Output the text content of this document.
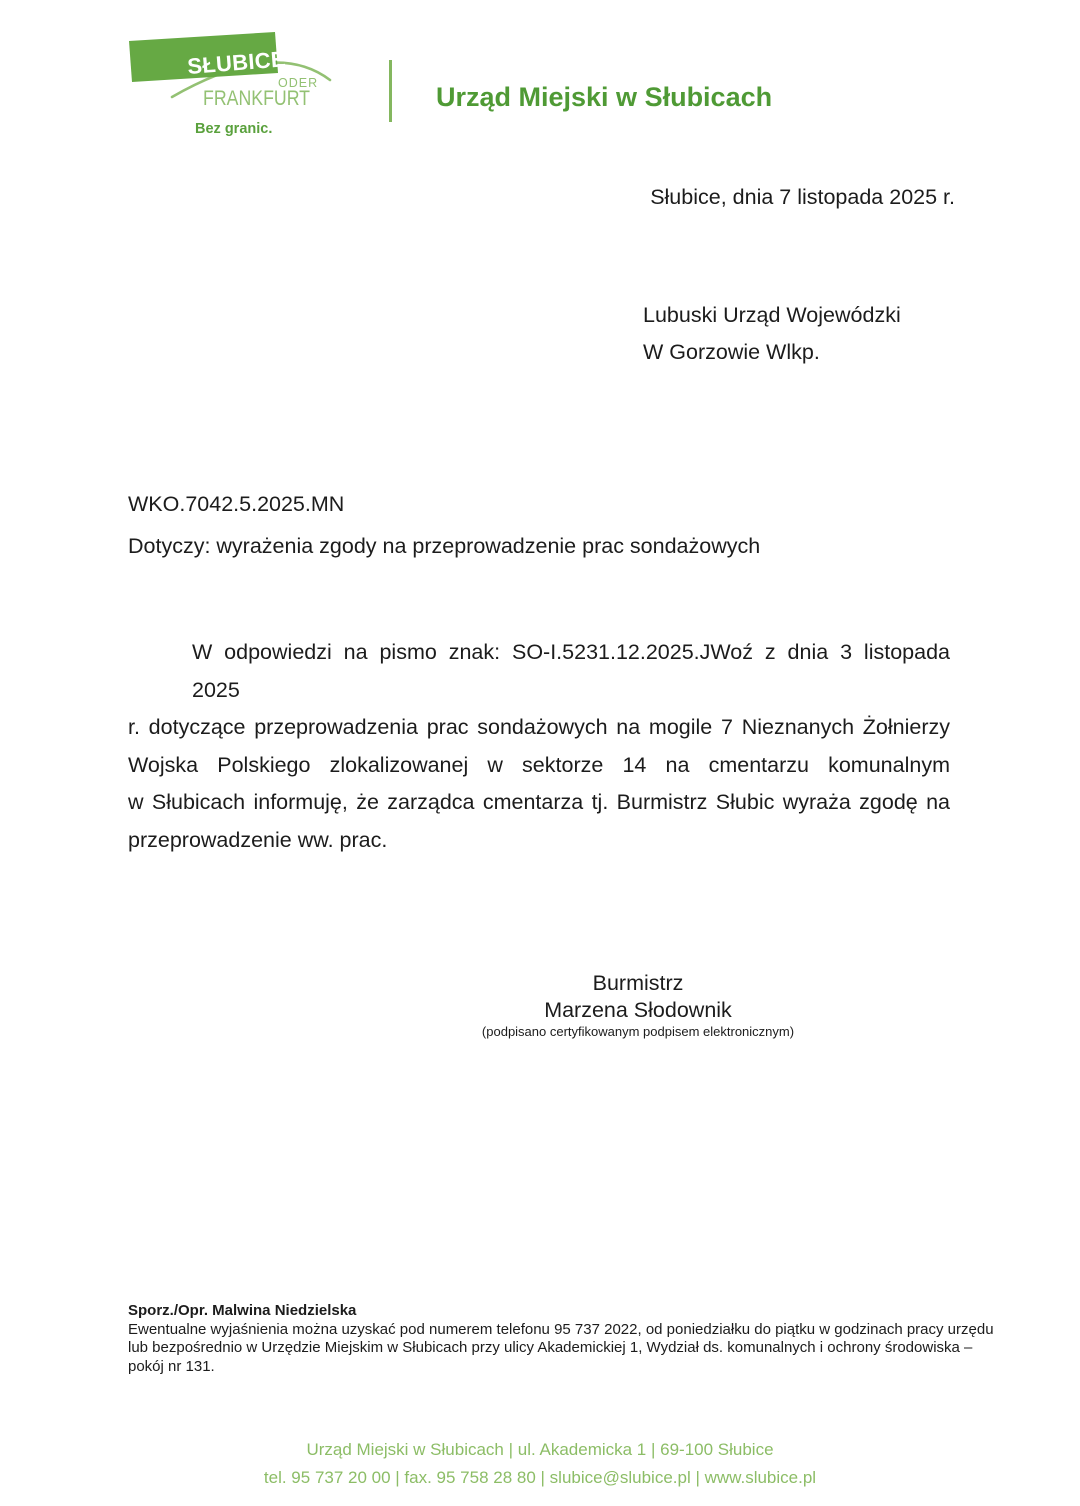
SŁUBICE
ODER
FRANKFURT
Bez granic.
Urząd Miejski w Słubicach
Słubice, dnia 7 listopada 2025 r.
Lubuski Urząd Wojewódzki
W Gorzowie Wlkp.
WKO.7042.5.2025.MN
Dotyczy: wyrażenia zgody na przeprowadzenie prac sondażowych
W odpowiedzi na pismo znak: SO-I.5231.12.2025.JWoź z dnia 3 listopada 2025
r. dotyczące przeprowadzenia prac sondażowych na mogile 7 Nieznanych Żołnierzy
Wojska Polskiego zlokalizowanej w sektorze 14 na cmentarzu komunalnym
w Słubicach informuję, że zarządca cmentarza tj. Burmistrz Słubic wyraża zgodę na
przeprowadzenie ww. prac.
Burmistrz
Marzena Słodownik
(podpisano certyfikowanym podpisem elektronicznym)
Sporz./Opr. Malwina Niedzielska
Ewentualne wyjaśnienia można uzyskać pod numerem telefonu 95 737 2022, od poniedziałku do piątku w godzinach pracy urzędu
lub bezpośrednio w Urzędzie Miejskim w Słubicach przy ulicy Akademickiej 1, Wydział ds. komunalnych i ochrony środowiska –
pokój nr 131.
Urząd Miejski w Słubicach | ul. Akademicka 1 | 69-100 Słubice
tel. 95 737 20 00 | fax. 95 758 28 80 | slubice@slubice.pl | www.slubice.pl
